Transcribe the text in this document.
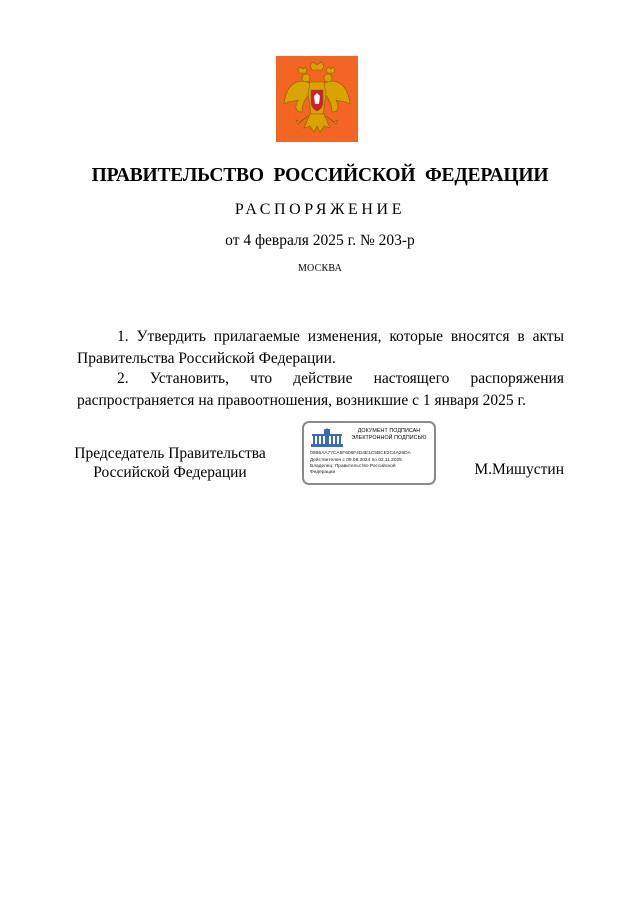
ПРАВИТЕЛЬСТВО РОССИЙСКОЙ ФЕДЕРАЦИИ
РАСПОРЯЖЕНИЕ
от 4 февраля 2025 г. № 203-р
МОСКВА
1. Утвердить прилагаемые изменения, которые вносятся в акты Правительства Российской Федерации.
2. Установить, что действие настоящего распоряжения распространяется на правоотношения, возникшие с 1 января 2025 г.
Председатель Правительства
Российской Федерации
ДОКУМЕНТ ПОДПИСАН
ЭЛЕКТРОННОЙ ПОДПИСЬЮ
00B5AA77CA5F608F4D4E1C5BCE2C4A26DA
Действителен с 09.08.2024 по 02.11.2025
Владелец: Правительство Российской
Федерации	М.Мишустин
